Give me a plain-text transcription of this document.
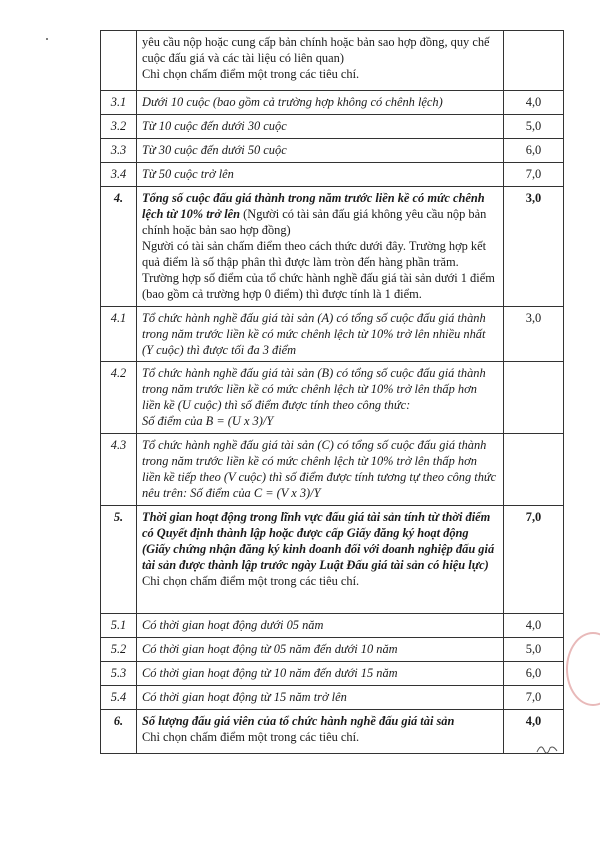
	yêu cầu nộp hoặc cung cấp bản chính hoặc bản sao hợp đồng, quy chế cuộc đấu giá và các tài liệu có liên quan)
Chỉ chọn chấm điểm một trong các tiêu chí.	

3.1	Dưới 10 cuộc (bao gồm cả trường hợp không có chênh lệch)	4,0
3.2	Từ 10 cuộc đến dưới 30 cuộc	5,0
3.3	Từ 30 cuộc đến dưới 50 cuộc	6,0
3.4	Từ 50 cuộc trở lên	7,0
4.	Tổng số cuộc đấu giá thành trong năm trước liền kề có mức chênh lệch từ 10% trở lên (Người có tài sản đấu giá không yêu cầu nộp bản chính hoặc bản sao hợp đồng)
Người có tài sản chấm điểm theo cách thức dưới đây. Trường hợp kết quả điểm là số thập phân thì được làm tròn đến hàng phần trăm. Trường hợp số điểm của tổ chức hành nghề đấu giá tài sản dưới 1 điểm (bao gồm cả trường hợp 0 điểm) thì được tính là 1 điểm.	3,0
4.1	Tổ chức hành nghề đấu giá tài sản (A) có tổng số cuộc đấu giá thành trong năm trước liền kề có mức chênh lệch từ 10% trở lên nhiều nhất (Y cuộc) thì được tối đa 3 điểm	3,0
4.2	Tổ chức hành nghề đấu giá tài sản (B) có tổng số cuộc đấu giá thành trong năm trước liền kề có mức chênh lệch từ 10% trở lên thấp hơn liền kề (U cuộc) thì số điểm được tính theo công thức:
Số điểm của B = (U x 3)/Y	

4.3	Tổ chức hành nghề đấu giá tài sản (C) có tổng số cuộc đấu giá thành trong năm trước liền kề có mức chênh lệch từ 10% trở lên thấp hơn liền kề tiếp theo (V cuộc) thì số điểm được tính tương tự theo công thức nêu trên: Số điểm của C = (V x 3)/Y	
5.	Thời gian hoạt động trong lĩnh vực đấu giá tài sản tính từ thời điểm có Quyết định thành lập hoặc được cấp Giấy đăng ký hoạt động (Giấy chứng nhận đăng ký kinh doanh đối với doanh nghiệp đấu giá tài sản được thành lập trước ngày Luật Đấu giá tài sản có hiệu lực)
Chỉ chọn chấm điểm một trong các tiêu chí.	7,0
5.1	Có thời gian hoạt động dưới 05 năm	4,0
5.2	Có thời gian hoạt động từ 05 năm đến dưới 10 năm	5,0
5.3	Có thời gian hoạt động từ 10 năm đến dưới 15 năm	6,0
5.4	Có thời gian hoạt động từ 15 năm trở lên	7,0
6.	Số lượng đấu giá viên của tổ chức hành nghề đấu giá tài sản
Chỉ chọn chấm điểm một trong các tiêu chí.	4,0
